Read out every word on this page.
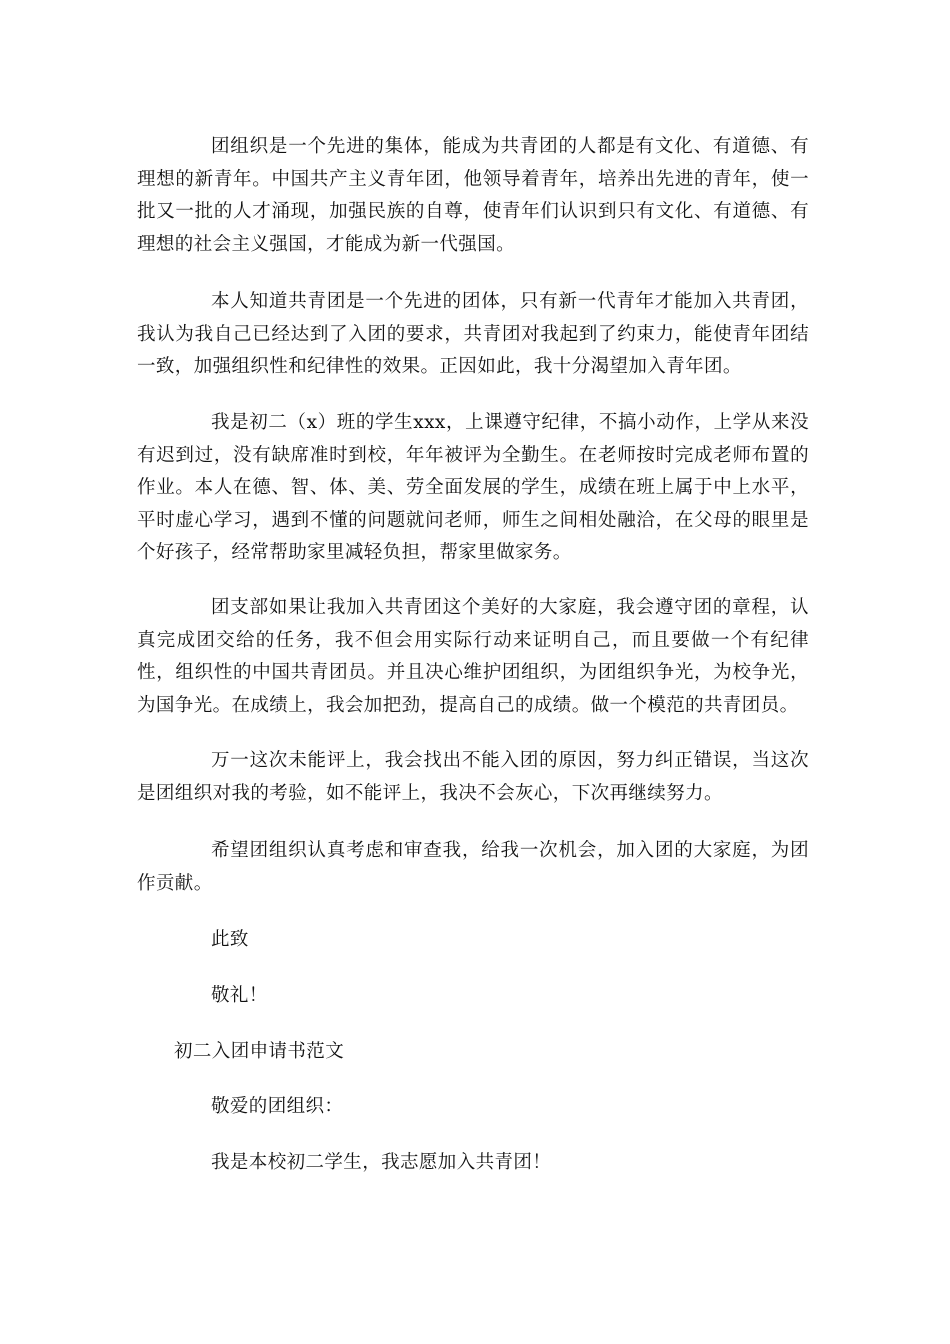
团组织是一个先进的集体，能成为共青团的人都是有文化、有道德、有理想的新青年。中国共产主义青年团，他领导着青年，培养出先进的青年，使一批又一批的人才涌现，加强民族的自尊，使青年们认识到只有文化、有道德、有理想的社会主义强国，才能成为新一代强国。

本人知道共青团是一个先进的团体，只有新一代青年才能加入共青团，我认为我自己已经达到了入团的要求，共青团对我起到了约束力，能使青年团结一致，加强组织性和纪律性的效果。正因如此，我十分渴望加入青年团。

我是初二（x）班的学生xxx，上课遵守纪律，不搞小动作，上学从来没有迟到过，没有缺席准时到校，年年被评为全勤生。在老师按时完成老师布置的作业。本人在德、智、体、美、劳全面发展的学生，成绩在班上属于中上水平，平时虚心学习，遇到不懂的问题就问老师，师生之间相处融洽，在父母的眼里是个好孩子，经常帮助家里减轻负担，帮家里做家务。

团支部如果让我加入共青团这个美好的大家庭，我会遵守团的章程，认真完成团交给的任务，我不但会用实际行动来证明自己，而且要做一个有纪律性，组织性的中国共青团员。并且决心维护团组织，为团组织争光，为校争光，为国争光。在成绩上，我会加把劲，提高自己的成绩。做一个模范的共青团员。

万一这次未能评上，我会找出不能入团的原因，努力纠正错误，当这次是团组织对我的考验，如不能评上，我决不会灰心，下次再继续努力。

希望团组织认真考虑和审查我，给我一次机会，加入团的大家庭，为团作贡献。

此致

敬礼！

初二入团申请书范文

敬爱的团组织：

我是本校初二学生，我志愿加入共青团！
